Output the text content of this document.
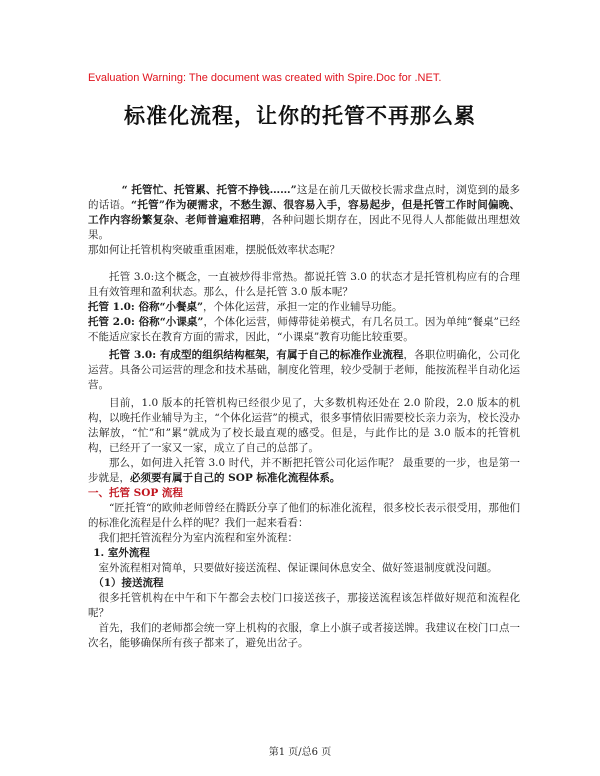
Evaluation Warning: The document was created with Spire.Doc for .NET.
标准化流程，让你的托管不再那么累

“ 托管忙、托管累、托管不挣钱……”这是在前几天做校长需求盘点时，浏览到的最多的话语。“托管”作为硬需求，不愁生源、很容易入手，容易起步，但是托管工作时间偏晚、工作内容纷繁复杂、老师普遍难招聘，各种问题长期存在，因此不见得人人都能做出理想效果。

那如何让托管机构突破重重困难，摆脱低效率状态呢？

托管 3.0:这个概念，一直被炒得非常热。都说托管 3.0 的状态才是托管机构应有的合理且有效管理和盈利状态。那么，什么是托管 3.0 版本呢？

托管 1.0: 俗称“小餐桌”，个体化运营，承担一定的作业辅导功能。

托管 2.0: 俗称“小课桌”，个体化运营，师傅带徒弟模式，有几名员工。因为单纯“餐桌”已经不能适应家长在教育方面的需求，因此，“小课桌”教育功能比较重要。

托管 3.0: 有成型的组织结构框架，有属于自己的标准作业流程，各职位明确化，公司化运营。具备公司运营的理念和技术基础，制度化管理，较少受制于老师，能按流程半自动化运营。

目前，1.0 版本的托管机构已经很少见了，大多数机构还处在 2.0 阶段，2.0 版本的机构，以晚托作业辅导为主，“个体化运营”的模式，很多事情依旧需要校长亲力亲为，校长没办法解放，“忙”和”累“就成为了校长最直观的感受。但是，与此作比的是 3.0 版本的托管机构，已经开了一家又一家，成立了自己的总部了。

那么，如何进入托管 3.0 时代，并不断把托管公司化运作呢？ 最重要的一步，也是第一步就是，必须要有属于自己的 SOP 标准化流程体系。

一、托管 SOP 流程

“匠托管“的欧帅老师曾经在腾跃分享了他们的标准化流程，很多校长表示很受用，那他们的标准化流程是什么样的呢？我们一起来看看：

我们把托管流程分为室内流程和室外流程：

1. 室外流程

室外流程相对简单，只要做好接送流程、保证课间休息安全、做好签退制度就没问题。

（1）接送流程

很多托管机构在中午和下午都会去校门口接送孩子，那接送流程该怎样做好规范和流程化呢？

首先，我们的老师都会统一穿上机构的衣服，拿上小旗子或者接送牌。我建议在校门口点一次名，能够确保所有孩子都来了，避免出岔子。

第1 页/总6 页
